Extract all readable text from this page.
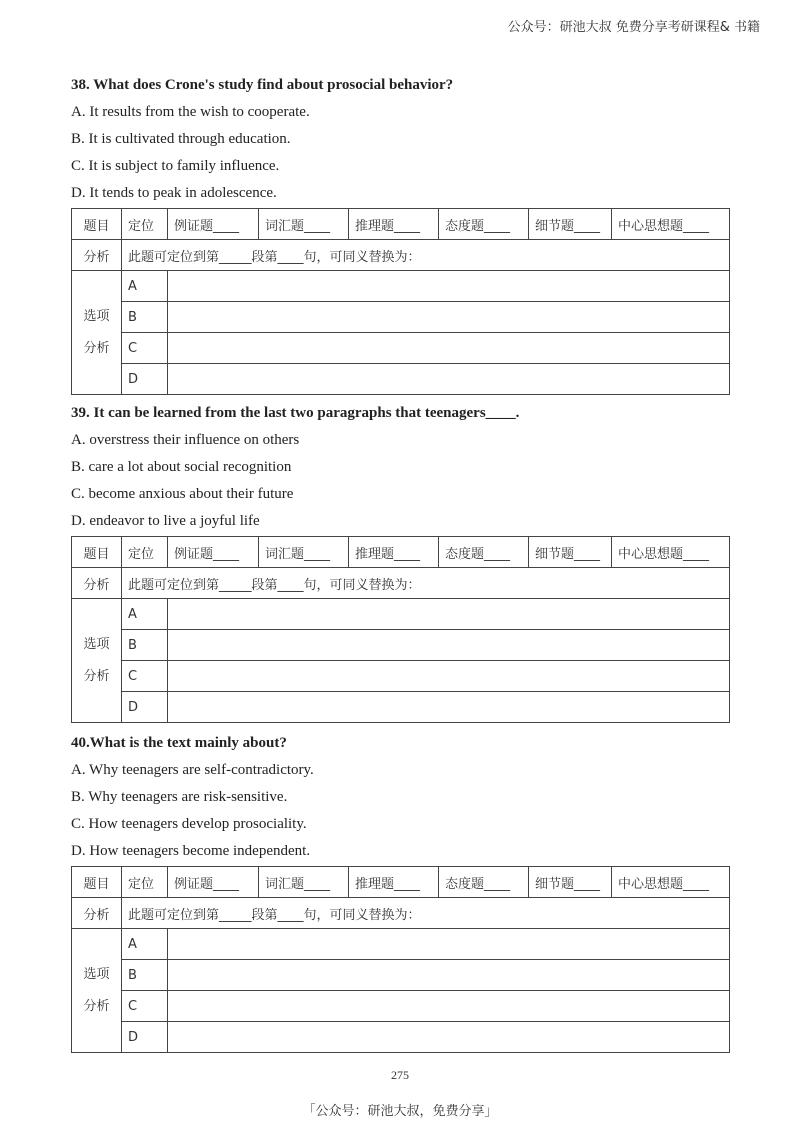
公众号：研池大叔 免费分享考研课程& 书籍

38. What does Crone's study find about prosocial behavior?

A. It results from the wish to cooperate.

B. It is cultivated through education.

C. It is subject to family influence.

D. It tends to peak in adolescence.

题目	定位	例证题____	词汇题____	推理题____	态度题____	细节题____	中心思想题____
分析	此题可定位到第_____段第____句，可同义替换为：						
选项
分析	A						
	B						
	C						
	D						

39. It can be learned from the last two paragraphs that teenagers____.

A. overstress their influence on others

B. care a lot about social recognition

C. become anxious about their future

D. endeavor to live a joyful life

题目	定位	例证题____	词汇题____	推理题____	态度题____	细节题____	中心思想题____
分析	此题可定位到第_____段第____句，可同义替换为：						
选项
分析	A						
	B						
	C						
	D						

40.What is the text mainly about?

A. Why teenagers are self-contradictory.

B. Why teenagers are risk-sensitive.

C. How teenagers develop prosociality.

D. How teenagers become independent.

题目	定位	例证题____	词汇题____	推理题____	态度题____	细节题____	中心思想题____
分析	此题可定位到第_____段第____句，可同义替换为：						
选项
分析	A						
	B						
	C						
	D						
275
「公众号：研池大叔，免费分享」
